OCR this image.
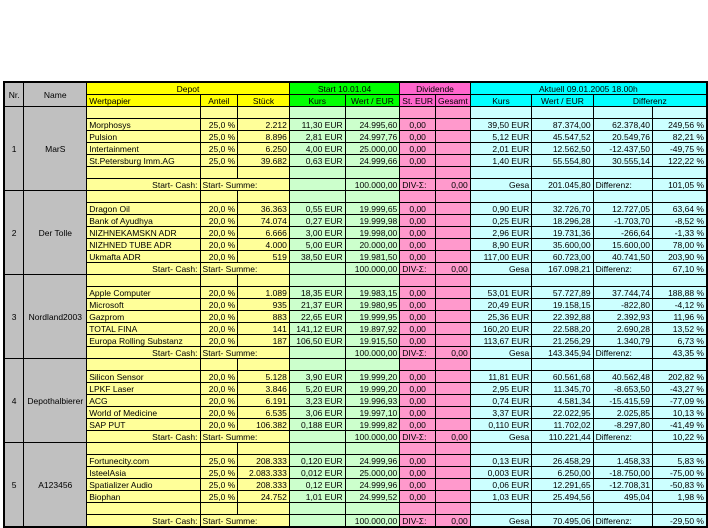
Nr.	Name	Depot			Start 10.01.04		Dividende		Aktuell 09.01.2005 18.00h			
		Wertpapier	Anteil	Stück	Kurs	Wert / EUR	St. EUR	Gesamt	Kurs	Wert / EUR	Differenz	
1	MarS											
		Morphosys	25,0 %	2.212	11,30 EUR	24.995,60	0,00		39,50 EUR	87.374,00	62.378,40	249,56 %
		Pulsion	25,0 %	8.896	2,81 EUR	24.997,76	0,00		5,12 EUR	45.547,52	20.549,76	82,21 %
		Intertainment	25,0 %	6.250	4,00 EUR	25.000,00	0,00		2,01 EUR	12.562,50	-12.437,50	-49,75 %
		St.Petersburg Imm.AG	25,0 %	39.682	0,63 EUR	24.999,66	0,00		1,40 EUR	55.554,80	30.555,14	122,22 %

		Start- Cash:	Start- Summe:			100.000,00	DIV-Σ:	0,00	Gesa	201.045,80	Differenz:	101,05 %
2	Der Tolle											
		Dragon Oil	20,0 %	36.363	0,55 EUR	19.999,65	0,00		0,90 EUR	32.726,70	12.727,05	63,64 %
		Bank of Ayudhya	20,0 %	74.074	0,27 EUR	19.999,98	0,00		0,25 EUR	18.296,28	-1.703,70	-8,52 %
		NIZHNEKAMSKN ADR	20,0 %	6.666	3,00 EUR	19.998,00	0,00		2,96 EUR	19.731,36	-266,64	-1,33 %
		NIZHNED TUBE ADR	20,0 %	4.000	5,00 EUR	20.000,00	0,00		8,90 EUR	35.600,00	15.600,00	78,00 %
		Ukmafta ADR	20,0 %	519	38,50 EUR	19.981,50	0,00		117,00 EUR	60.723,00	40.741,50	203,90 %
		Start- Cash:	Start- Summe:			100.000,00	DIV-Σ:	0,00	Gesa	167.098,21	Differenz:	67,10 %
3	Nordland2003											
		Apple Computer	20,0 %	1.089	18,35 EUR	19.983,15	0,00		53,01 EUR	57.727,89	37.744,74	188,88 %
		Microsoft	20,0 %	935	21,37 EUR	19.980,95	0,00		20,49 EUR	19.158,15	-822,80	-4,12 %
		Gazprom	20,0 %	883	22,65 EUR	19.999,95	0,00		25,36 EUR	22.392,88	2.392,93	11,96 %
		TOTAL FINA	20,0 %	141	141,12 EUR	19.897,92	0,00		160,20 EUR	22.588,20	2.690,28	13,52 %
		Europa Rolling Substanz	20,0 %	187	106,50 EUR	19.915,50	0,00		113,67 EUR	21.256,29	1.340,79	6,73 %
		Start- Cash:	Start- Summe:			100.000,00	DIV-Σ:	0,00	Gesa	143.345,94	Differenz:	43,35 %
4	Depothalbierer											
		Silicon Sensor	20,0 %	5.128	3,90 EUR	19.999,20	0,00		11,81 EUR	60.561,68	40.562,48	202,82 %
		LPKF Laser	20,0 %	3.846	5,20 EUR	19.999,20	0,00		2,95 EUR	11.345,70	-8.653,50	-43,27 %
		ACG	20,0 %	6.191	3,23 EUR	19.996,93	0,00		0,74 EUR	4.581,34	-15.415,59	-77,09 %
		World of Medicine	20,0 %	6.535	3,06 EUR	19.997,10	0,00		3,37 EUR	22.022,95	2.025,85	10,13 %
		SAP PUT	20,0 %	106.382	0,188 EUR	19.999,82	0,00		0,110 EUR	11.702,02	-8.297,80	-41,49 %
		Start- Cash:	Start- Summe:			100.000,00	DIV-Σ:	0,00	Gesa	110.221,44	Differenz:	10,22 %
5	A123456											
		Fortunecity.com	25,0 %	208.333	0,120 EUR	24.999,96	0,00		0,13 EUR	26.458,29	1.458,33	5,83 %
		IsteelAsia	25,0 %	2.083.333	0,012 EUR	25.000,00	0,00		0,003 EUR	6.250,00	-18.750,00	-75,00 %
		Spatializer Audio	25,0 %	208.333	0,12 EUR	24.999,96	0,00		0,06 EUR	12.291,65	-12.708,31	-50,83 %
		Biophan	25,0 %	24.752	1,01 EUR	24.999,52	0,00		1,03 EUR	25.494,56	495,04	1,98 %

		Start- Cash:	Start- Summe:			100.000,00	DIV-Σ:	0,00	Gesa	70.495,06	Differenz:	-29,50 %
